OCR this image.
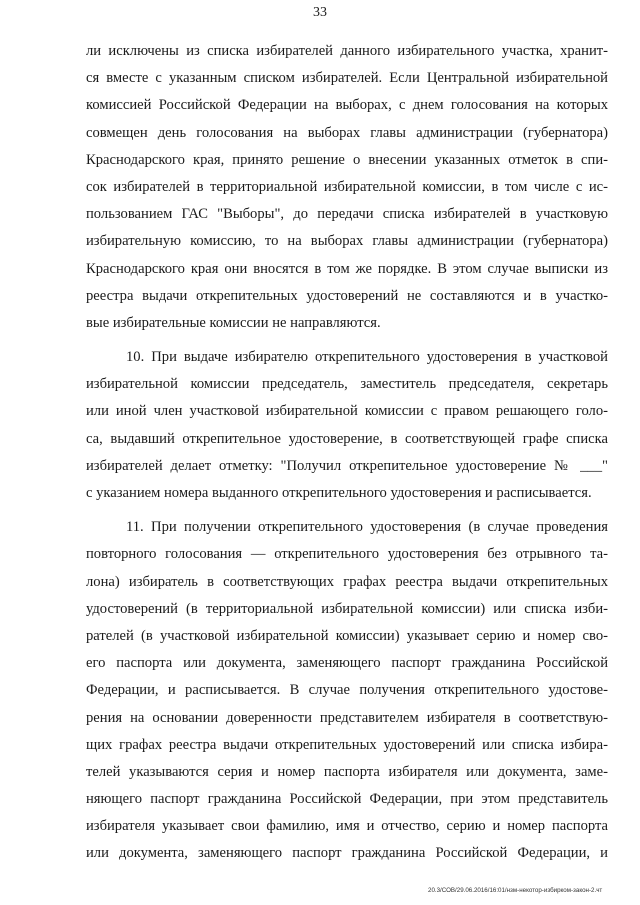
33
ли исключены из списка избирателей данного избирательного участка, хранит-
ся вместе с указанным списком избирателей. Если Центральной избирательной
комиссией Российской Федерации на выборах, с днем голосования на которых
совмещен день голосования на выборах главы администрации (губернатора)
Краснодарского края, принято решение о внесении указанных отметок в спи-
сок избирателей в территориальной избирательной комиссии, в том числе с ис-
пользованием ГАС "Выборы", до передачи списка избирателей в участковую
избирательную комиссию, то на выборах главы администрации (губернатора)
Краснодарского края они вносятся в том же порядке. В этом случае выписки из
реестра выдачи открепительных удостоверений не составляются и в участко-
вые избирательные комиссии не направляются.
10. При выдаче избирателю открепительного удостоверения в участковой
избирательной комиссии председатель, заместитель председателя, секретарь
или иной член участковой избирательной комиссии с правом решающего голо-
са, выдавший открепительное удостоверение, в соответствующей графе списка
избирателей делает отметку: "Получил открепительное удостоверение № ___"
с указанием номера выданного открепительного удостоверения и расписывается.
11. При получении открепительного удостоверения (в случае проведения
повторного голосования — открепительного удостоверения без отрывного та-
лона) избиратель в соответствующих графах реестра выдачи открепительных
удостоверений (в территориальной избирательной комиссии) или списка изби-
рателей (в участковой избирательной комиссии) указывает серию и номер сво-
его паспорта или документа, заменяющего паспорт гражданина Российской
Федерации, и расписывается. В случае получения открепительного удостове-
рения на основании доверенности представителем избирателя в соответствую-
щих графах реестра выдачи открепительных удостоверений или списка избира-
телей указываются серия и номер паспорта избирателя или документа, заме-
няющего паспорт гражданина Российской Федерации, при этом представитель
избирателя указывает свои фамилию, имя и отчество, серию и номер паспорта
или документа, заменяющего паспорт гражданина Российской Федерации, и
20.3/СОВ/29.06.2016/16:01/нзм-некотор-избирком-закон-2.чт
